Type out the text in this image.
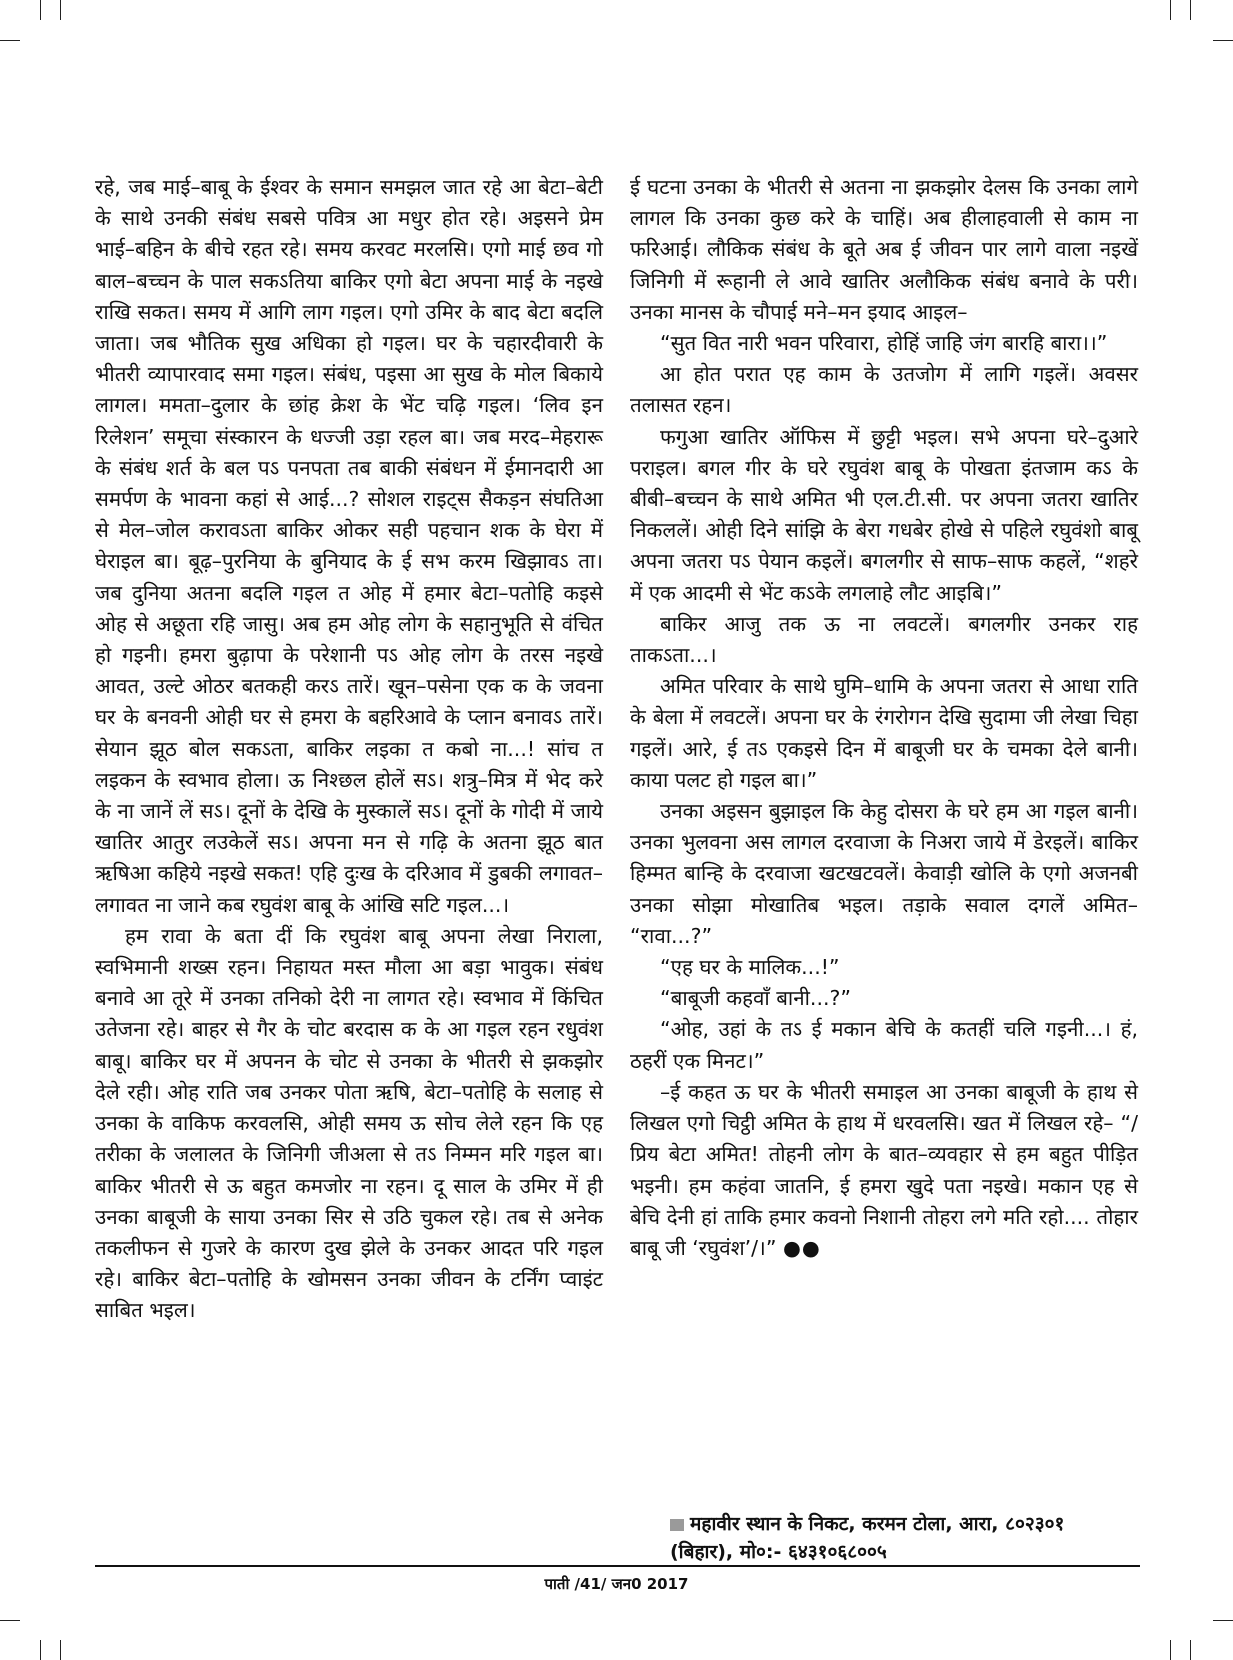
रहे, जब माई–बाबू के ईश्वर के समान समझल जात रहे आ बेटा–बेटी के साथे उनकी संबंध सबसे पवित्र आ मधुर होत रहे। अइसने प्रेम भाई–बहिन के बीचे रहत रहे। समय करवट मरलसि। एगो माई छव गो बाल–बच्चन के पाल सकऽतिया बाकिर एगो बेटा अपना माई के नइखे राखि सकत। समय में आगि लाग गइल। एगो उमिर के बाद बेटा बदलि जाता। जब भौतिक सुख अधिका हो गइल। घर के चहारदीवारी के भीतरी व्यापारवाद समा गइल। संबंध, पइसा आ सुख के मोल बिकाये लागल। ममता–दुलार के छांह क्रेश के भेंट चढ़ि गइल। ‘लिव इन रिलेशन’ समूचा संस्कारन के धज्जी उड़ा रहल बा। जब मरद–मेहरारू के संबंध शर्त के बल पऽ पनपता तब बाकी संबंधन में ईमानदारी आ समर्पण के भावना कहां से आई...? सोशल राइट्स सैकड़न संघतिआ से मेल–जोल करावऽता बाकिर ओकर सही पहचान शक के घेरा में घेराइल बा। बूढ़–पुरनिया के बुनियाद के ई सभ करम खिझावऽ ता। जब दुनिया अतना बदलि गइल त ओह में हमार बेटा–पतोहि कइसे ओह से अछूता रहि जासु। अब हम ओह लोग के सहानुभूति से वंचित हो गइनी। हमरा बुढ़ापा के परेशानी पऽ ओह लोग के तरस नइखे आवत, उल्टे ओठर बतकही करऽ तारें। खून–पसेना एक क के जवना घर के बनवनी ओही घर से हमरा के बहरिआवे के प्लान बनावऽ तारें। सेयान झूठ बोल सकऽता, बाकिर लइका त कबो ना...! सांच त लइकन के स्वभाव होला। ऊ निश्छल होलें सऽ। शत्रु–मित्र में भेद करे के ना जानें लें सऽ। दूनों के देखि के मुस्कालें सऽ। दूनों के गोदी में जाये खातिर आतुर लउकेलें सऽ। अपना मन से गढ़ि के अतना झूठ बात ऋषिआ कहिये नइखे सकत! एहि दुःख के दरिआव में डुबकी लगावत–लगावत ना जाने कब रघुवंश बाबू के आंखि सटि गइल...।

हम रावा के बता दीं कि रघुवंश बाबू अपना लेखा निराला, स्वभिमानी शख्स रहन। निहायत मस्त मौला आ बड़ा भावुक। संबंध बनावे आ तूरे में उनका तनिको देरी ना लागत रहे। स्वभाव में किंचित उतेजना रहे। बाहर से गैर के चोट बरदास क के आ गइल रहन रधुवंश बाबू। बाकिर घर में अपनन के चोट से उनका के भीतरी से झकझोर देले रही। ओह राति जब उनकर पोता ऋषि, बेटा–पतोहि के सलाह से उनका के वाकिफ करवलसि, ओही समय ऊ सोच लेले रहन कि एह तरीका के जलालत के जिनिगी जीअला से तऽ निम्मन मरि गइल बा। बाकिर भीतरी से ऊ बहुत कमजोर ना रहन। दू साल के उमिर में ही उनका बाबूजी के साया उनका सिर से उठि चुकल रहे। तब से अनेक तकलीफन से गुजरे के कारण दुख झेले के उनकर आदत परि गइल रहे। बाकिर बेटा–पतोहि के खोमसन उनका जीवन के टर्निंग प्वाइंट साबित भइल।

ई घटना उनका के भीतरी से अतना ना झकझोर देलस कि उनका लागे लागल कि उनका कुछ करे के चाहिं। अब हीलाहवाली से काम ना फरिआई। लौकिक संबंध के बूते अब ई जीवन पार लागे वाला नइखें जिनिगी में रूहानी ले आवे खातिर अलौकिक संबंध बनावे के परी। उनका मानस के चौपाई मने–मन इयाद आइल–

“सुत वित नारी भवन परिवारा, होहिं जाहि जंग बारहि बारा।।”

आ होत परात एह काम के उतजोग में लागि गइलें। अवसर तलासत रहन।

फगुआ खातिर ऑफिस में छुट्टी भइल। सभे अपना घरे–दुआरे पराइल। बगल गीर के घरे रघुवंश बाबू के पोखता इंतजाम कऽ के बीबी–बच्चन के साथे अमित भी एल.टी.सी. पर अपना जतरा खातिर निकललें। ओही दिने सांझि के बेरा गधबेर होखे से पहिले रघुवंशो बाबू अपना जतरा पऽ पेयान कइलें। बगलगीर से साफ–साफ कहलें, “शहरे में एक आदमी से भेंट कऽके लगलाहे लौट आइबि।”

बाकिर आजु तक ऊ ना लवटलें। बगलगीर उनकर राह ताकऽता...।

अमित परिवार के साथे घुमि–धामि के अपना जतरा से आधा राति के बेला में लवटलें। अपना घर के रंगरोगन देखि सुदामा जी लेखा चिहा गइलें। आरे, ई तऽ एकइसे दिन में बाबूजी घर के चमका देले बानी। काया पलट हो गइल बा।”

उनका अइसन बुझाइल कि केहु दोसरा के घरे हम आ गइल बानी। उनका भुलवना अस लागल दरवाजा के निअरा जाये में डेरइलें। बाकिर हिम्मत बान्हि के दरवाजा खटखटवलें। केवाड़ी खोलि के एगो अजनबी उनका सोझा मोखातिब भइल। तड़ाके सवाल दगलें अमित– “रावा...?”

“एह घर के मालिक...!”

“बाबूजी कहवाँ बानी...?”

“ओह, उहां के तऽ ई मकान बेचि के कतहीं चलि गइनी...। हं, ठहरीं एक मिनट।”

–ई कहत ऊ घर के भीतरी समाइल आ उनका बाबूजी के हाथ से लिखल एगो चिट्ठी अमित के हाथ में धरवलसि। खत में लिखल रहे– “/प्रिय बेटा अमित! तोहनी लोग के बात–व्यवहार से हम बहुत पीड़ित भइनी। हम कहंवा जातनि, ई हमरा खुदे पता नइखे। मकान एह से बेचि देनी हां ताकि हमार कवनो निशानी तोहरा लगे मति रहो.... तोहार बाबू जी ‘रघुवंश’/।” ●●

महावीर स्थान के निकट, करमन टोला, आरा, ८०२३०१ (बिहार), मो०:- ६४३१०६८००५
पाती /41/ जन0 2017
